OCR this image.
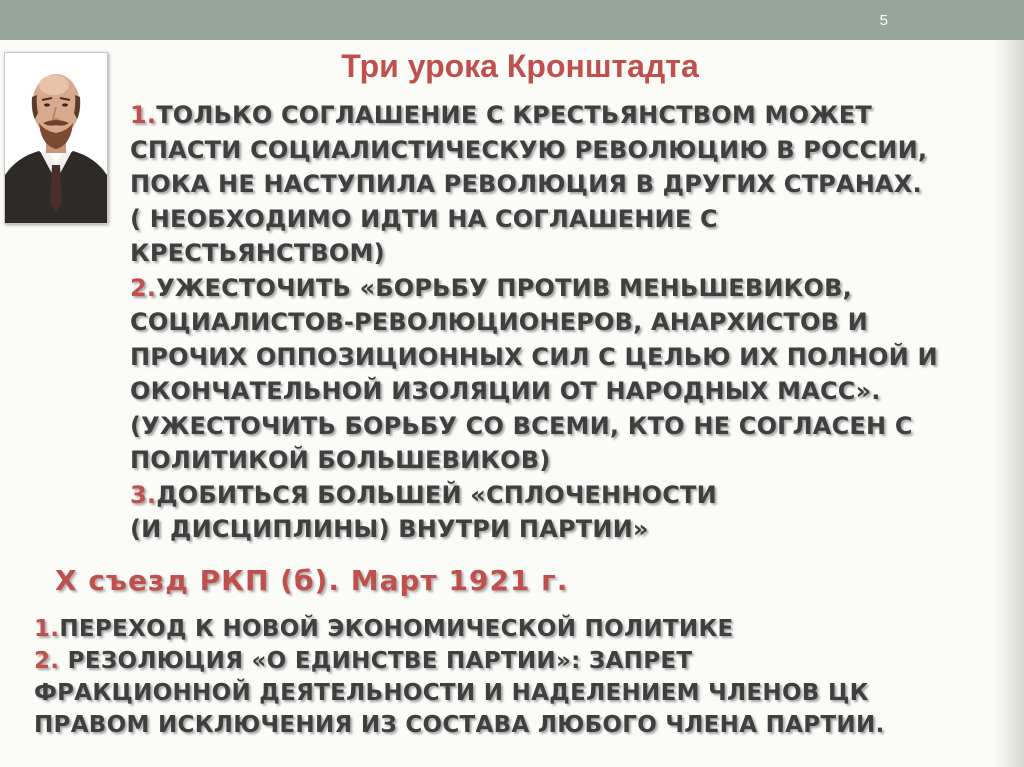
5
Три урока Кронштадта

1.ТОЛЬКО СОГЛАШЕНИЕ С КРЕСТЬЯНСТВОМ МОЖЕТ

СПАСТИ СОЦИАЛИСТИЧЕСКУЮ РЕВОЛЮЦИЮ В РОССИИ,

ПОКА НЕ НАСТУПИЛА РЕВОЛЮЦИЯ В ДРУГИХ СТРАНАХ.

( НЕОБХОДИМО ИДТИ НА СОГЛАШЕНИЕ С

КРЕСТЬЯНСТВОМ)

2.УЖЕСТОЧИТЬ «БОРЬБУ ПРОТИВ МЕНЬШЕВИКОВ,

СОЦИАЛИСТОВ-РЕВОЛЮЦИОНЕРОВ, АНАРХИСТОВ И

ПРОЧИХ ОППОЗИЦИОННЫХ СИЛ С ЦЕЛЬЮ ИХ ПОЛНОЙ И

ОКОНЧАТЕЛЬНОЙ ИЗОЛЯЦИИ ОТ НАРОДНЫХ МАСС».

(УЖЕСТОЧИТЬ БОРЬБУ СО ВСЕМИ, КТО НЕ СОГЛАСЕН С

ПОЛИТИКОЙ БОЛЬШЕВИКОВ)

3.ДОБИТЬСЯ БОЛЬШЕЙ «СПЛОЧЕННОСТИ

(И ДИСЦИПЛИНЫ) ВНУТРИ ПАРТИИ»

X съезд РКП (б). Март 1921 г.

1.ПЕРЕХОД К НОВОЙ ЭКОНОМИЧЕСКОЙ ПОЛИТИКЕ

2. РЕЗОЛЮЦИЯ «О ЕДИНСТВЕ ПАРТИИ»: ЗАПРЕТ

ФРАКЦИОННОЙ ДЕЯТЕЛЬНОСТИ И НАДЕЛЕНИЕМ ЧЛЕНОВ ЦК

ПРАВОМ ИСКЛЮЧЕНИЯ ИЗ СОСТАВА ЛЮБОГО ЧЛЕНА ПАРТИИ.
